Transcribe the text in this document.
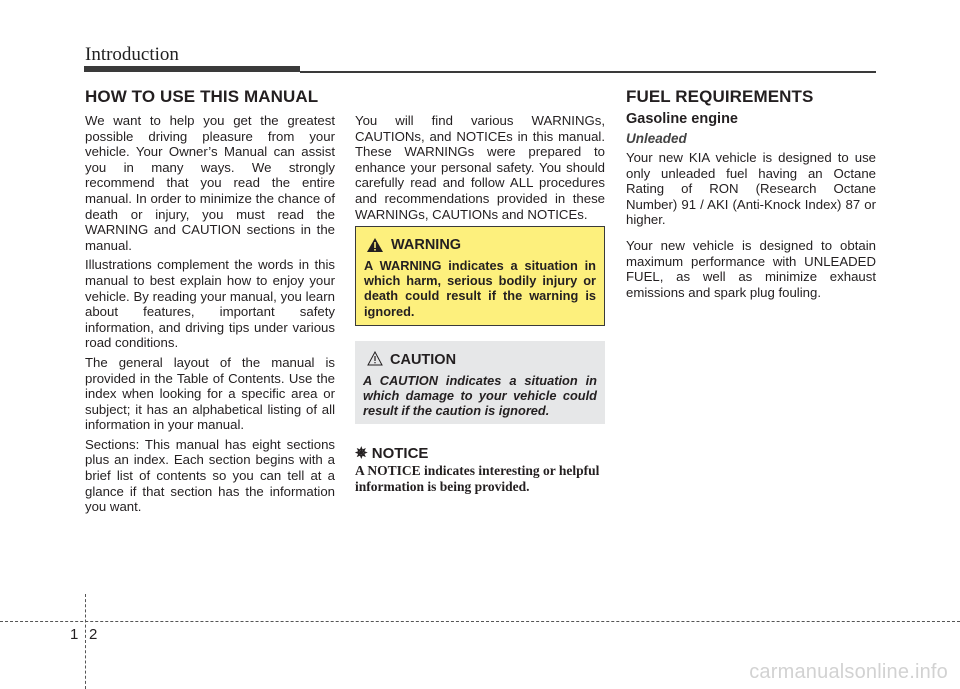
Introduction
HOW TO USE THIS MANUAL

We want to help you get the greatest possible driving pleasure from your vehicle. Your Owner’s Manual can assist you in many ways. We strongly recommend that you read the entire manual. In order to minimize the chance of death or injury, you must read the WARNING and CAUTION sections in the manual.

Illustrations complement the words in this manual to best explain how to enjoy your vehicle. By reading your manual, you learn about features, important safety information, and driving tips under various road conditions.

The general layout of the manual is provided in the Table of Contents. Use the index when looking for a specific area or subject; it has an alphabetical listing of all information in your manual.

Sections: This manual has eight sections plus an index. Each section begins with a brief list of contents so you can tell at a glance if that section has the information you want.

You will find various WARNINGs, CAUTIONs, and NOTICEs in this manual. These WARNINGs were prepared to enhance your personal safety. You should carefully read and follow ALL procedures and recommendations provided in these WARNINGs, CAUTIONs and NOTICEs.
WARNING
A WARNING indicates a situation in which harm, serious bodily injury or death could result if the warning is ignored.
CAUTION
A CAUTION indicates a situation in which damage to your vehicle could result if the caution is ignored.
✵ NOTICE
A NOTICE indicates interesting or helpful information is being provided.
FUEL REQUIREMENTS
Gasoline engine
Unleaded

Your new KIA vehicle is designed to use only unleaded fuel having an Octane Rating of RON (Research Octane Number) 91 / AKI (Anti-Knock Index) 87 or higher.

Your new vehicle is designed to obtain maximum performance with UNLEADED FUEL, as well as minimize exhaust emissions and spark plug fouling.

1 2
carmanualsonline.info
